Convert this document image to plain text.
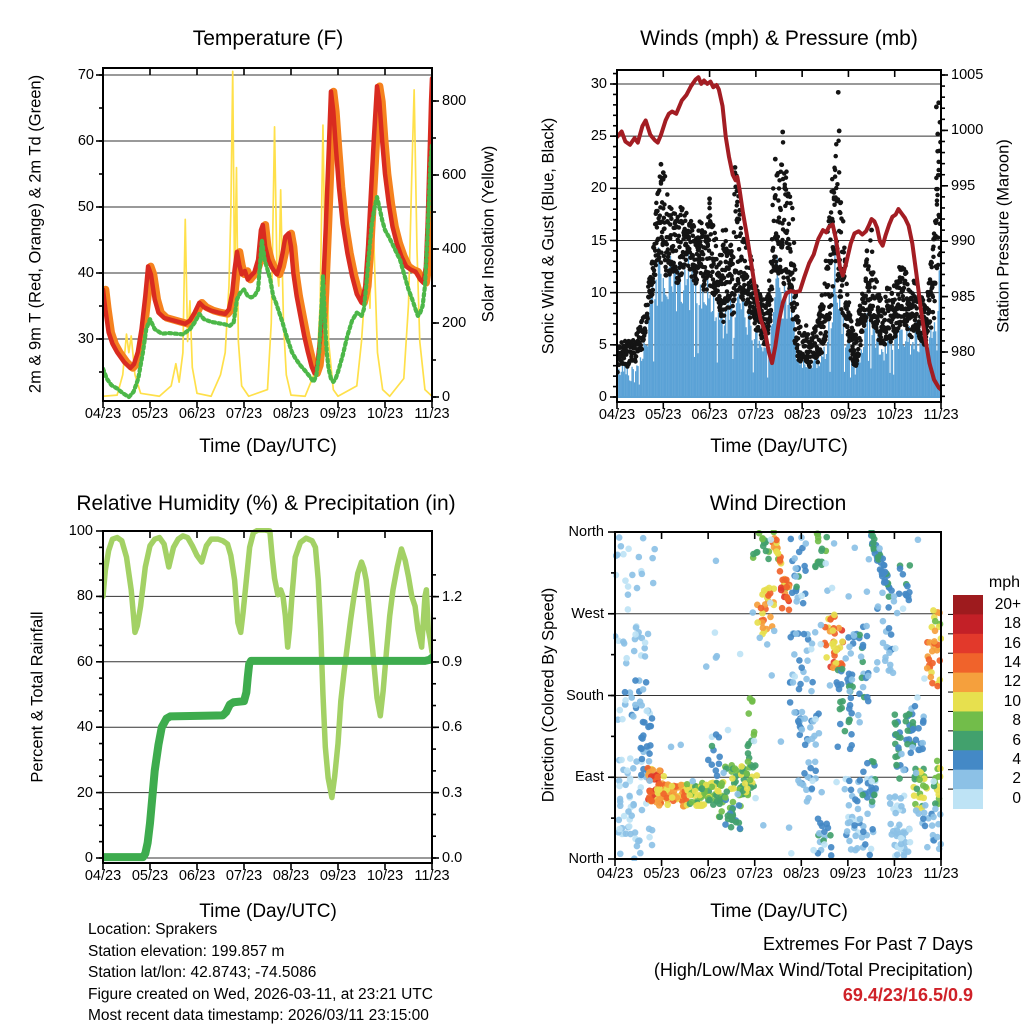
Temperature (F)	Winds (mph) & Pressure (mb)
Relative Humidity (%) & Precipitation (in)	Wind Direction
Time (Day/UTC)	Time (Day/UTC)
Time (Day/UTC)	Time (Day/UTC)
2m & 9m T (Red, Orange) & 2m Td (Green)	Solar Insolation (Yellow)	Sonic Wind & Gust (Blue, Black)	Station Pressure (Maroon)
Percent & Total Rainfall	Direction (Colored By Speed)
mph
20+
18
16
14
12
10
8
6
4
2
0
04/23 05/23 06/23 07/23 08/23 09/23 10/23 11/23	04/23 05/23 06/23 07/23 08/23 09/23 10/23 11/23
04/23 05/23 06/23 07/23 08/23 09/23 10/23 11/23	04/23 05/23 06/23 07/23 08/23 09/23 10/23 11/23
70
60
50
40
30
800
600
400
200
0
30
25
20
15
10
5
0
1005
1000
995
990
985
980
100
80
60
40
20
0
1.2
0.9
0.6
0.3
0.0
North
West
South
East
North
Location: Sprakers
Station elevation: 199.857 m
Station lat/lon: 42.8743; -74.5086
Figure created on Wed, 2026-03-11, at 23:21 UTC
Most recent data timestamp: 2026/03/11 23:15:00
Extremes For Past 7 Days
(High/Low/Max Wind/Total Precipitation)
69.4/23/16.5/0.9
